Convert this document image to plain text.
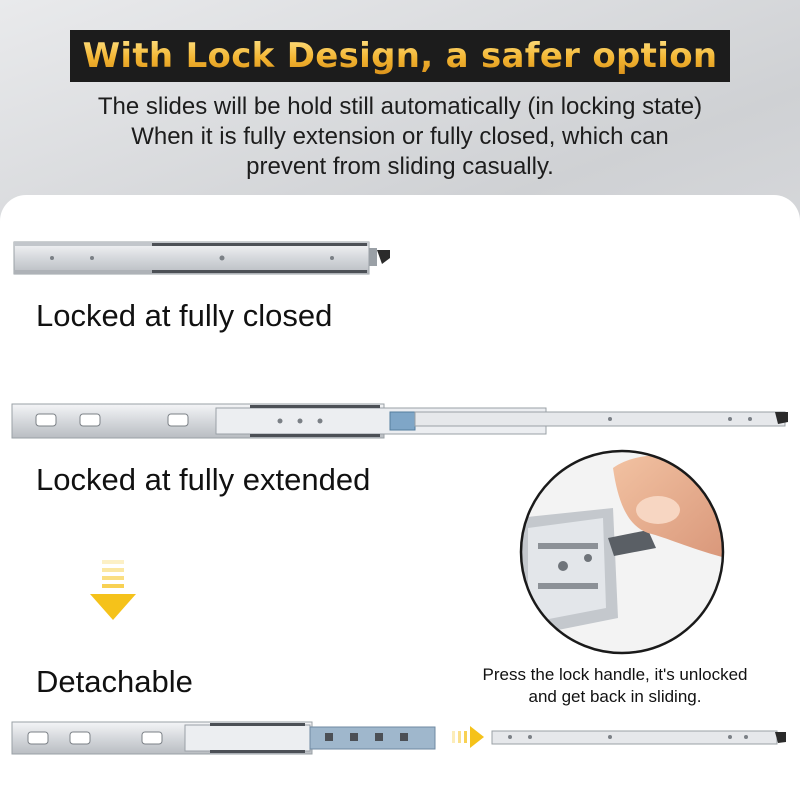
With Lock Design, a safer option
The slides will be hold still automatically (in locking state)
When it is fully extension or fully closed, which can
prevent from sliding casually.
Locked at fully closed
Locked at fully extended
Detachable	Press the lock handle, it's unlocked
and get back in sliding.
